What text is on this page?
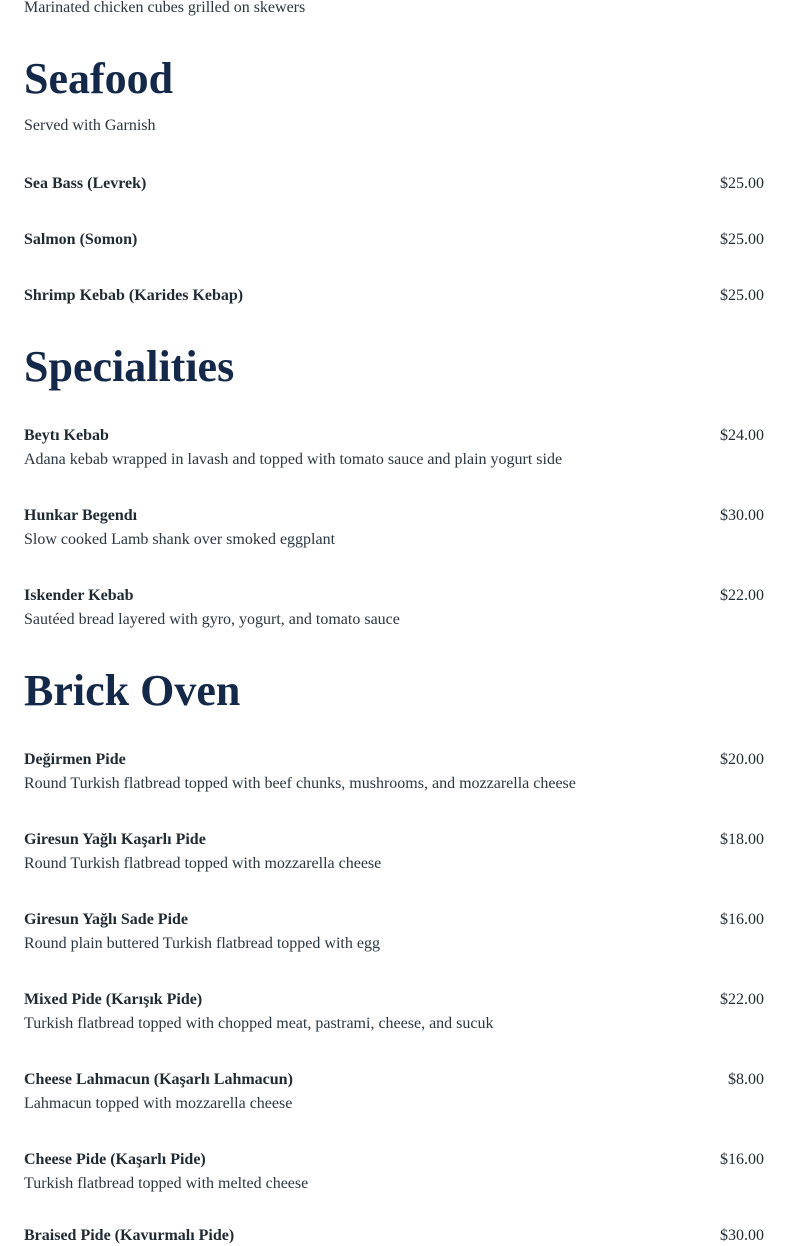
Marinated chicken cubes grilled on skewers
Seafood
Served with Garnish
Sea Bass (Levrek)	$25.00
Salmon (Somon)	$25.00
Shrimp Kebab (Karides Kebap)	$25.00
Specialities
Beytı Kebab	$24.00
Adana kebab wrapped in lavash and topped with tomato sauce and plain yogurt side
Hunkar Begendı	$30.00
Slow cooked Lamb shank over smoked eggplant
Iskender Kebab	$22.00
Sautéed bread layered with gyro, yogurt, and tomato sauce
Brick Oven
Değirmen Pide	$20.00
Round Turkish flatbread topped with beef chunks, mushrooms, and mozzarella cheese
Giresun Yağlı Kaşarlı Pide	$18.00
Round Turkish flatbread topped with mozzarella cheese
Giresun Yağlı Sade Pide	$16.00
Round plain buttered Turkish flatbread topped with egg
Mixed Pide (Karışık Pide)	$22.00
Turkish flatbread topped with chopped meat, pastrami, cheese, and sucuk
Cheese Lahmacun (Kaşarlı Lahmacun)	$8.00
Lahmacun topped with mozzarella cheese
Cheese Pide (Kaşarlı Pide)	$16.00
Turkish flatbread topped with melted cheese
Braised Pide (Kavurmalı Pide)	$30.00
